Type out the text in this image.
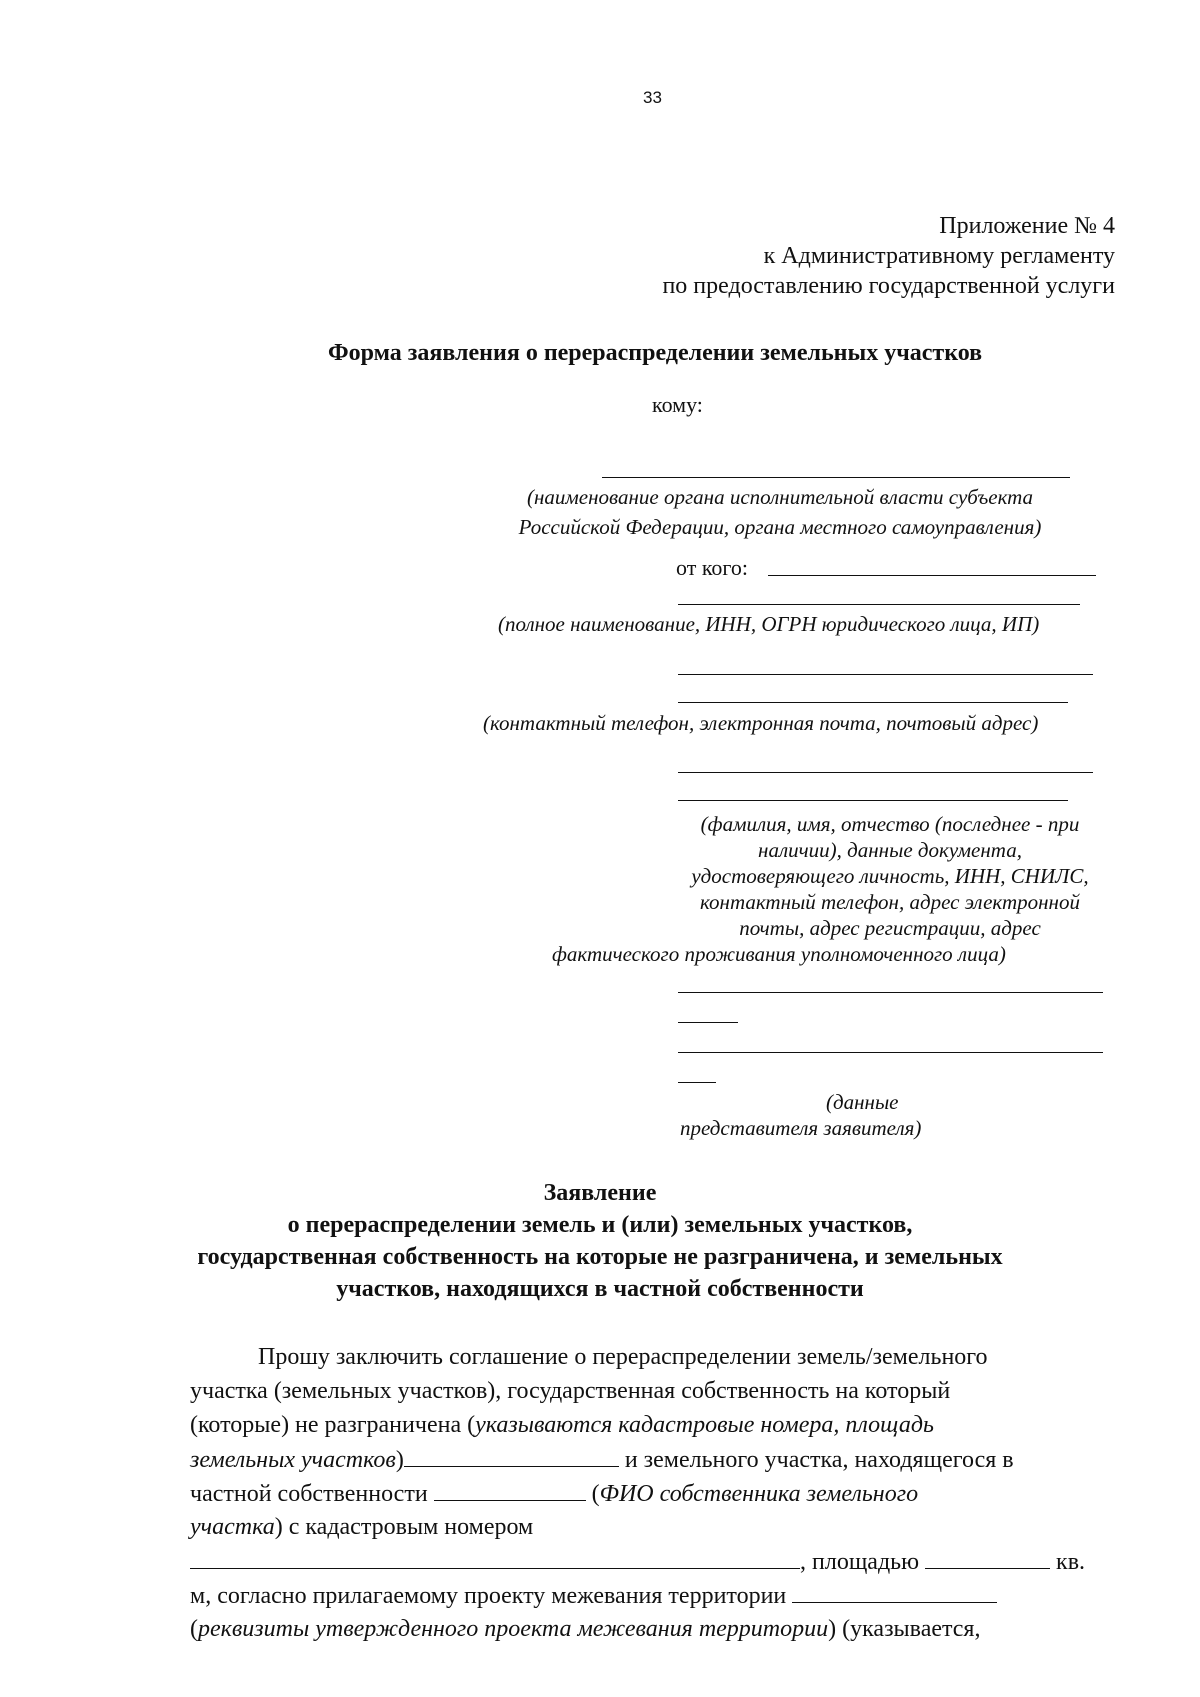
33
Приложение № 4
к Административному регламенту
по предоставлению государственной услуги
Форма заявления о перераспределении земельных участков
кому:
(наименование органа исполнительной власти субъекта
Российской Федерации, органа местного самоуправления)
от кого:
(полное наименование, ИНН, ОГРН юридического лица, ИП)
(контактный телефон, электронная почта, почтовый адрес)
(фамилия, имя, отчество (последнее - при
наличии), данные документа,
удостоверяющего личность, ИНН, СНИЛС,
контактный телефон, адрес электронной
почты, адрес регистрации, адрес
фактического проживания уполномоченного лица)
(данные
представителя заявителя)
Заявление
о перераспределении земель и (или) земельных участков,
государственная собственность на которые не разграничена, и земельных
участков, находящихся в частной собственности
Прошу заключить соглашение о перераспределении земель/земельного
участка (земельных участков), государственная собственность на который
(которые) не разграничена (указываются кадастровые номера, площадь
земельных участков)	и земельного участка, находящегося в
частной собственности	(ФИО собственника земельного
участка) с кадастровым номером
, площадью	кв.
м, согласно прилагаемому проекту межевания территории
(реквизиты утвержденного проекта межевания территории) (указывается,
